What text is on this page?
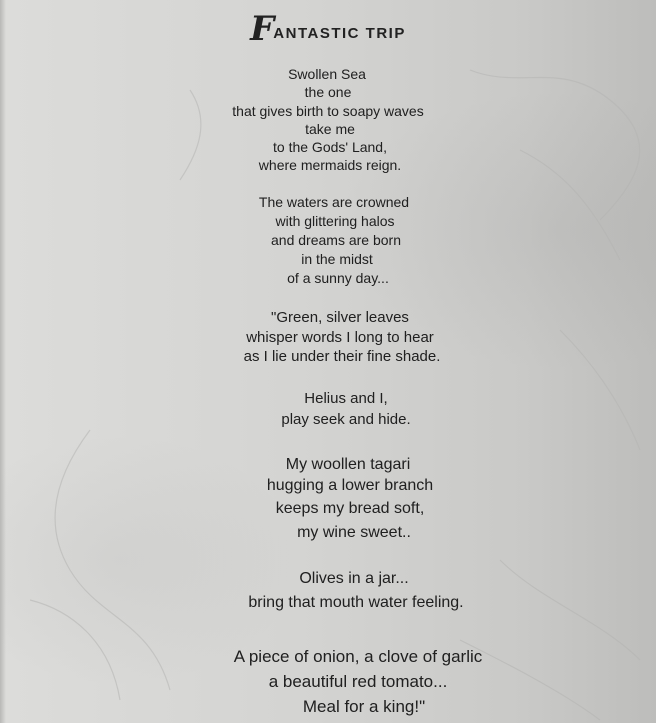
F ANTASTIC TRIP
Swollen Sea
the one
that gives birth to soapy waves
take me
to the Gods' Land,
where mermaids reign.
The waters are crowned
with glittering halos
and dreams are born
in the midst
of a sunny day...
"Green, silver leaves
whisper words I long to hear
as I lie under their fine shade.
Helius and I,
play seek and hide.
My woollen tagari
hugging a lower branch
keeps my bread soft,
my wine sweet..
Olives in a jar...
bring that mouth water feeling.
A piece of onion, a clove of garlic
a beautiful red tomato...
Meal for a king!"
